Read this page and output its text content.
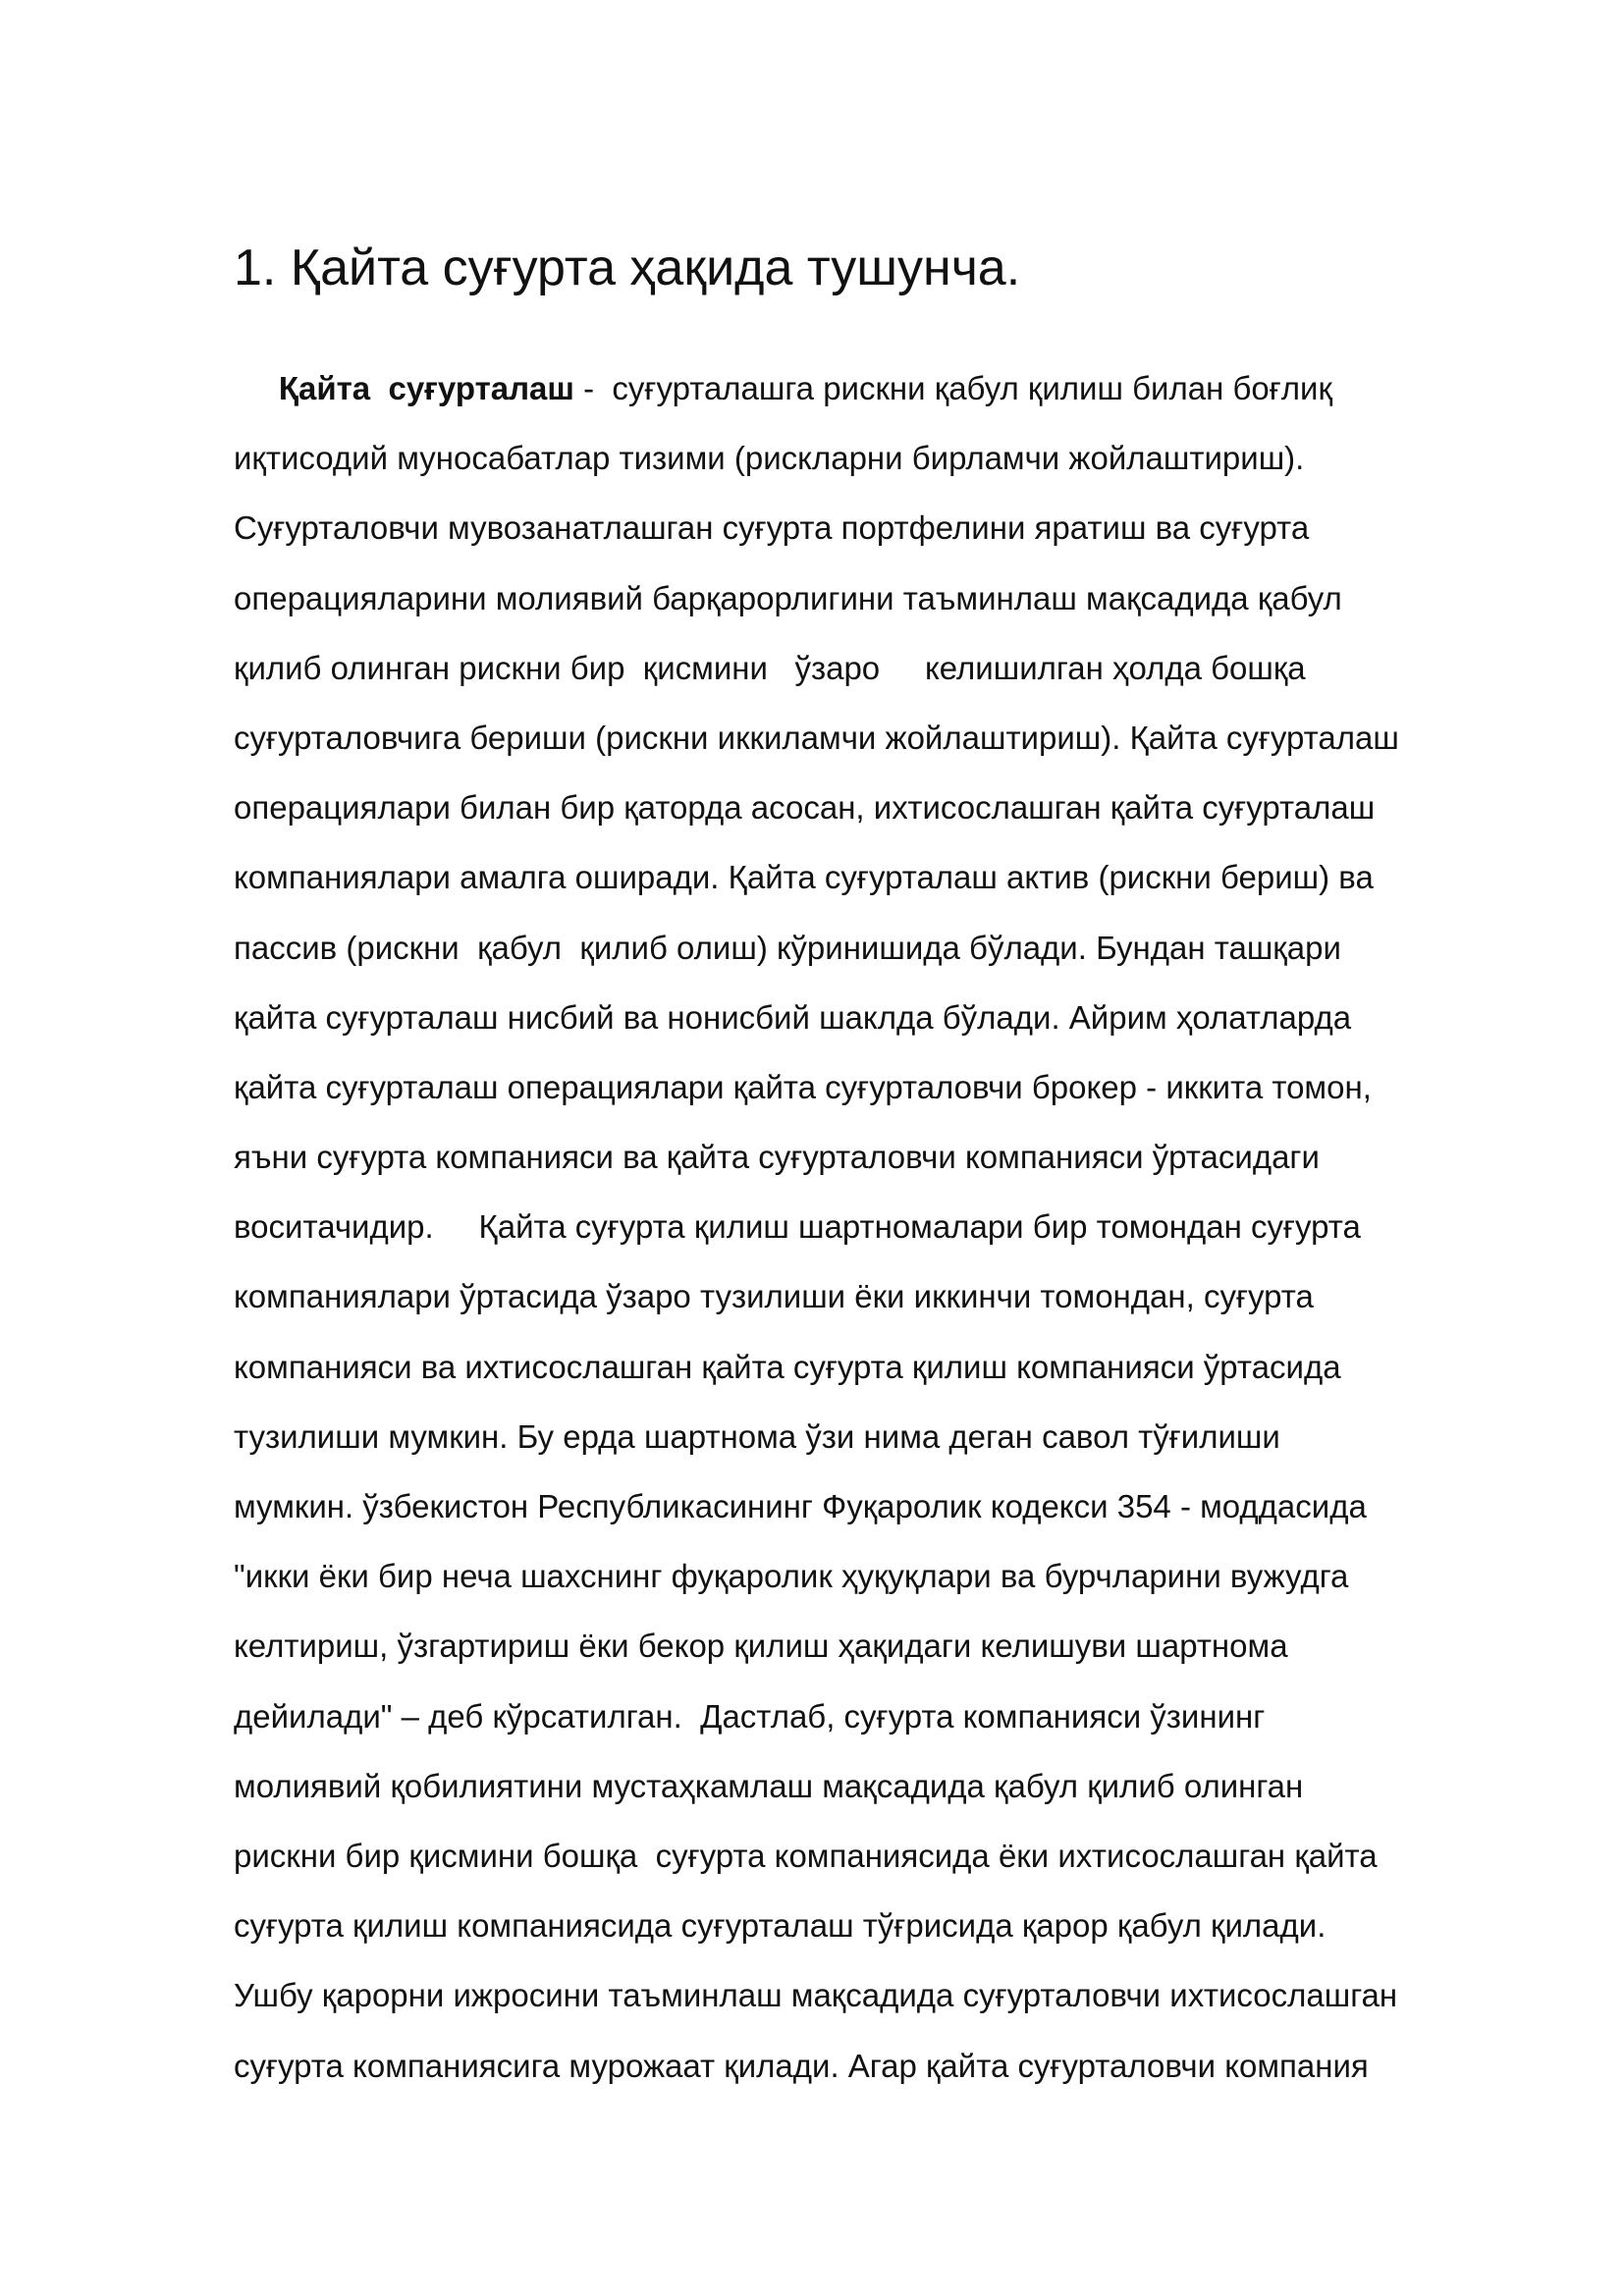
1. Қайта суғурта ҳақида тушунча.
Қайта  суғурталаш -  суғурталашга рискни қабул қилиш билан боғлиқ
иқтисодий муносабатлар тизими (рискларни бирламчи жойлаштириш).
Суғурталовчи мувозанатлашган суғурта портфелини яратиш ва суғурта
операцияларини молиявий барқарорлигини таъминлаш мақсадида қабул
қилиб олинган рискни бир  қисмини   ўзаро     келишилган ҳолда бошқа
суғурталовчига бериши (рискни иккиламчи жойлаштириш). Қайта суғурталаш
операциялари билан бир қаторда асосан, ихтисослашган қайта суғурталаш
компаниялари амалга оширади. Қайта суғурталаш актив (рискни бериш) ва
пассив (рискни  қабул  қилиб олиш) кўринишида бўлади. Бундан ташқари
қайта суғурталаш нисбий ва нонисбий шаклда бўлади. Айрим ҳолатларда
қайта суғурталаш операциялари қайта суғурталовчи брокер - иккита томон,
яъни суғурта компанияси ва қайта суғурталовчи компанияси ўртасидаги
воситачидир.     Қайта суғурта қилиш шартномалари бир томондан суғурта
компаниялари ўртасида ўзаро тузилиши ёки иккинчи томондан, суғурта
компанияси ва ихтисослашган қайта суғурта қилиш компанияси ўртасида
тузилиши мумкин. Бу ерда шартнома ўзи нима деган савол тўғилиши
мумкин. ўзбекистон Республикасининг Фуқаролик кодекси 354 - моддасида
"икки ёки бир неча шахснинг фуқаролик ҳуқуқлари ва бурчларини вужудга
келтириш, ўзгартириш ёки бекор қилиш ҳақидаги келишуви шартнома
дейилади" – деб кўрсатилган.  Дастлаб, суғурта компанияси ўзининг
молиявий қобилиятини мустаҳкамлаш мақсадида қабул қилиб олинган
рискни бир қисмини бошқа  суғурта компаниясида ёки ихтисослашган қайта
суғурта қилиш компаниясида суғурталаш тўғрисида қарор қабул қилади.
Ушбу қарорни ижросини таъминлаш мақсадида суғурталовчи ихтисослашган
суғурта компаниясига мурожаат қилади. Агар қайта суғурталовчи компания
